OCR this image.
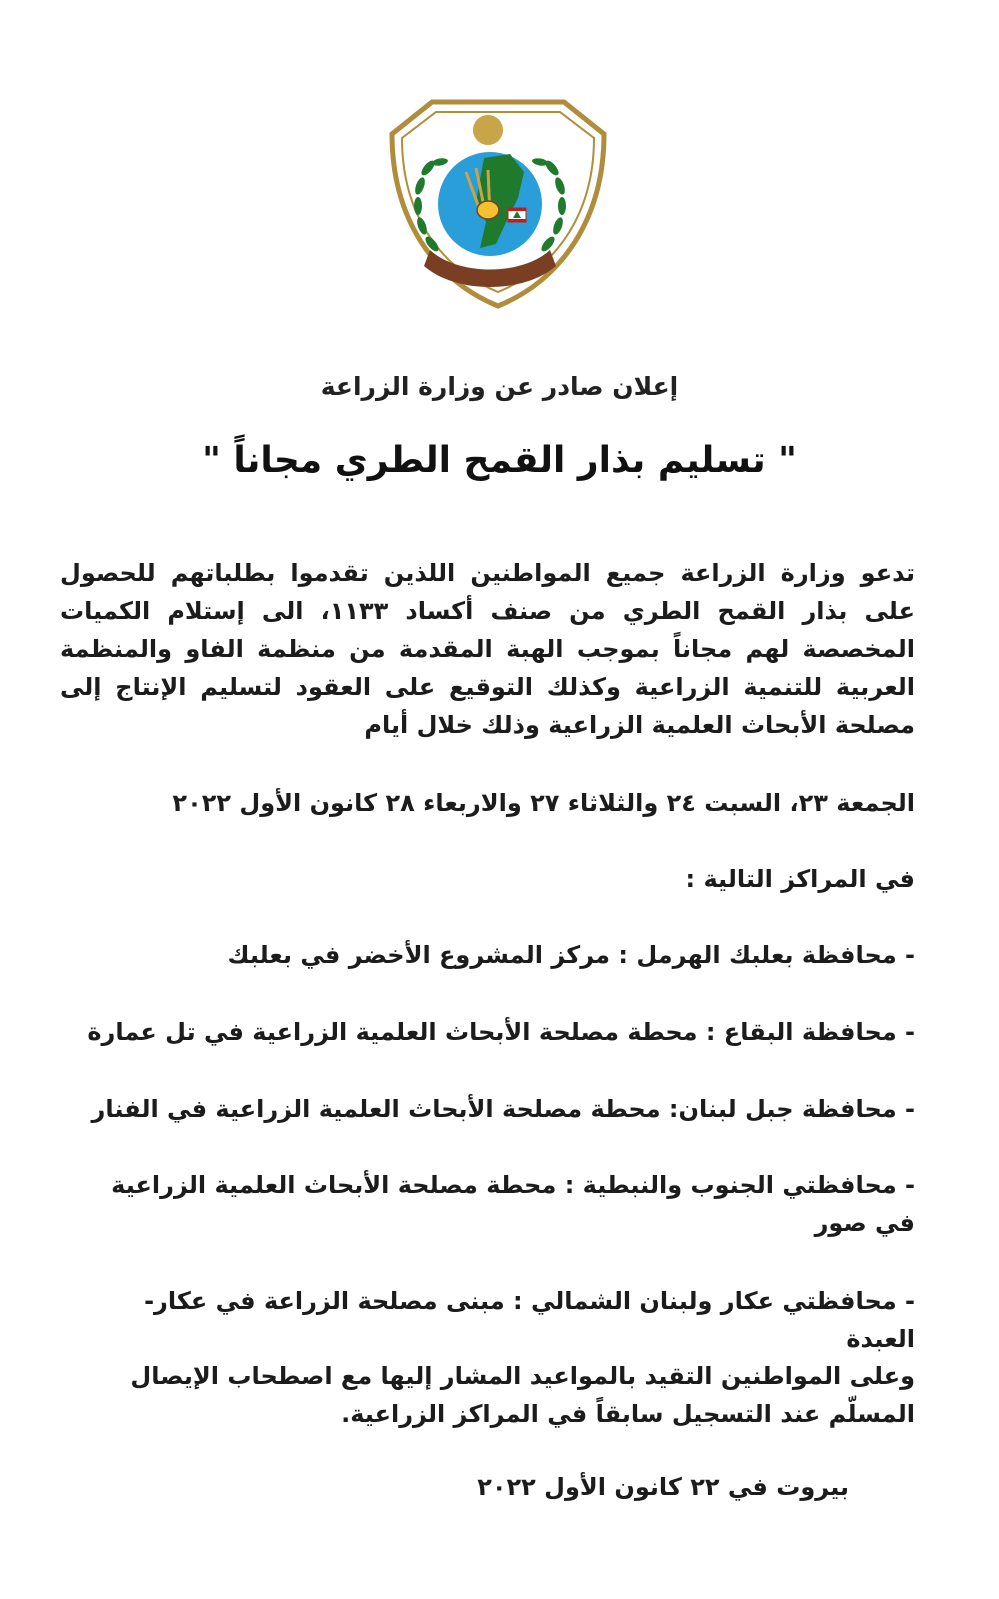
إعلان صادر عن وزارة الزراعة
" تسليم بذار القمح الطري مجاناً "
تدعو وزارة الزراعة جميع المواطنين اللذين تقدموا بطلباتهم للحصول على بذار القمح الطري من صنف أكساد ١١٣٣، الى إستلام الكميات المخصصة لهم مجاناً بموجب الهبة المقدمة من منظمة الفاو والمنظمة العربية للتنمية الزراعية وكذلك التوقيع على العقود لتسليم الإنتاج إلى مصلحة الأبحاث العلمية الزراعية وذلك خلال أيام
الجمعة ٢٣، السبت ٢٤ والثلاثاء ٢٧ والاربعاء ٢٨ كانون الأول ٢٠٢٢
في المراكز التالية :
- محافظة بعلبك الهرمل : مركز المشروع الأخضر في بعلبك
- محافظة البقاع : محطة مصلحة الأبحاث العلمية الزراعية في تل عمارة
- محافظة جبل لبنان: محطة مصلحة الأبحاث العلمية الزراعية في الفنار
- محافظتي الجنوب والنبطية : محطة مصلحة الأبحاث العلمية الزراعية في صور
- محافظتي عكار ولبنان الشمالي : مبنى مصلحة الزراعة في عكار- العبدة
وعلى المواطنين التقيد بالمواعيد المشار إليها مع اصطحاب الإيصال المسلّم عند التسجيل سابقاً في المراكز الزراعية.
بيروت في ٢٢ كانون الأول ٢٠٢٢
